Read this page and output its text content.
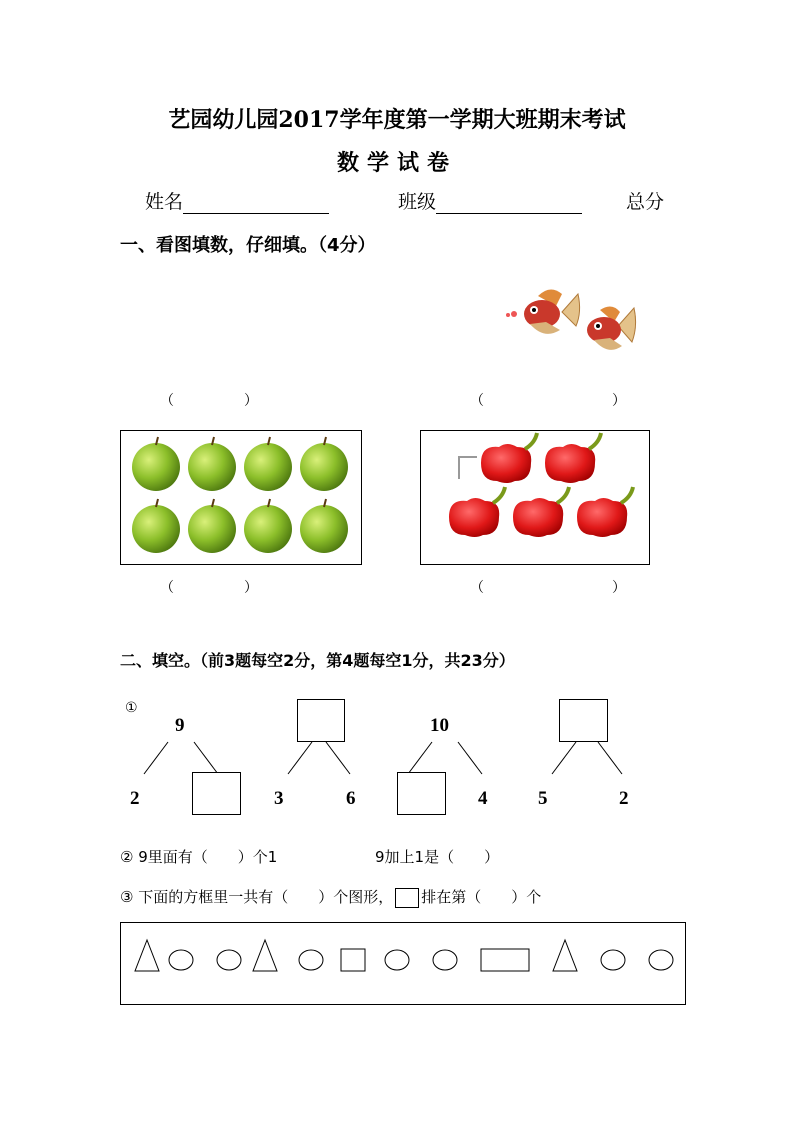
艺园幼儿园2017学年度第一学期大班期末考试
数学试卷
姓名	班级	总分
一、看图填数，仔细填。（4分）
（	）	（	）
（	）	（	）
二、填空。（前3题每空2分，第4题每空1分，共23分）
①
9
2	3	6
10
4	5	2
② 9里面有（　　）个1	9加上1是（　　）
③ 下面的方框里一共有（　　）个图形， 排在第（　　）个
